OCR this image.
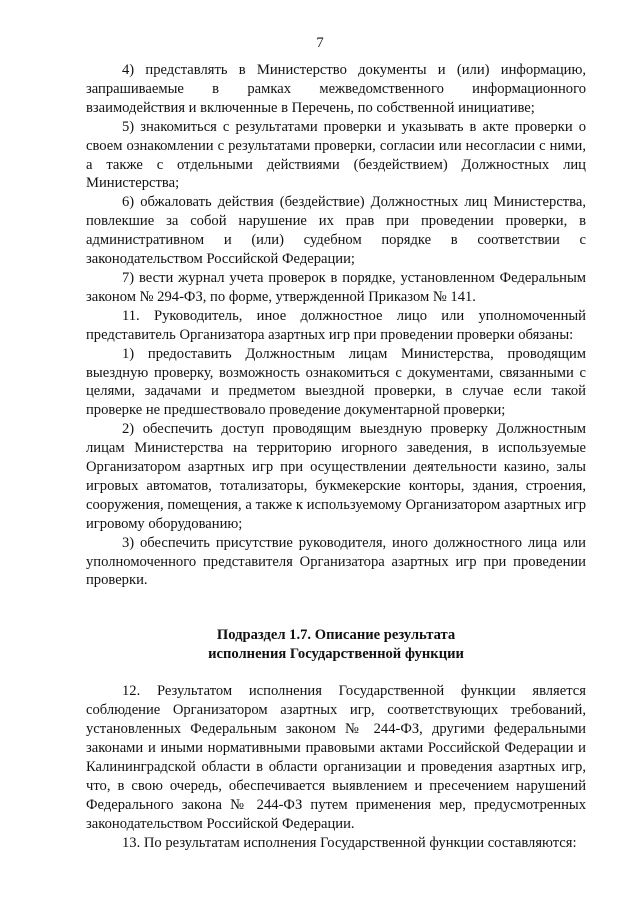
7

4) представлять в Министерство документы и (или) информацию, запрашиваемые в рамках межведомственного информационного взаимодействия и включенные в Перечень, по собственной инициативе;

5) знакомиться с результатами проверки и указывать в акте проверки о своем ознакомлении с результатами проверки, согласии или несогласии с ними, а также с отдельными действиями (бездействием) Должностных лиц Министерства;

6) обжаловать действия (бездействие) Должностных лиц Министерства, повлекшие за собой нарушение их прав при проведении проверки, в административном и (или) судебном порядке в соответствии с законодательством Российской Федерации;

7) вести журнал учета проверок в порядке, установленном Федеральным законом № 294-ФЗ, по форме, утвержденной Приказом № 141.

11. Руководитель, иное должностное лицо или уполномоченный представитель Организатора азартных игр при проведении проверки обязаны:

1) предоставить Должностным лицам Министерства, проводящим выездную проверку, возможность ознакомиться с документами, связанными с целями, задачами и предметом выездной проверки, в случае если такой проверке не предшествовало проведение документарной проверки;

2) обеспечить доступ проводящим выездную проверку Должностным лицам Министерства на территорию игорного заведения, в используемые Организатором азартных игр при осуществлении деятельности казино, залы игровых автоматов, тотализаторы, букмекерские конторы, здания, строения, сооружения, помещения, а также к используемому Организатором азартных игр игровому оборудованию;

3) обеспечить присутствие руководителя, иного должностного лица или уполномоченного представителя Организатора азартных игр при проведении проверки.

Подраздел 1.7. Описание результата

исполнения Государственной функции

12. Результатом исполнения Государственной функции является соблюдение Организатором азартных игр, соответствующих требований, установленных Федеральным законом № 244-ФЗ, другими федеральными законами и иными нормативными правовыми актами Российской Федерации и Калининградской области в области организации и проведения азартных игр, что, в свою очередь, обеспечивается выявлением и пресечением нарушений Федерального закона № 244-ФЗ путем применения мер, предусмотренных законодательством Российской Федерации.

13. По результатам исполнения Государственной функции составляются:
